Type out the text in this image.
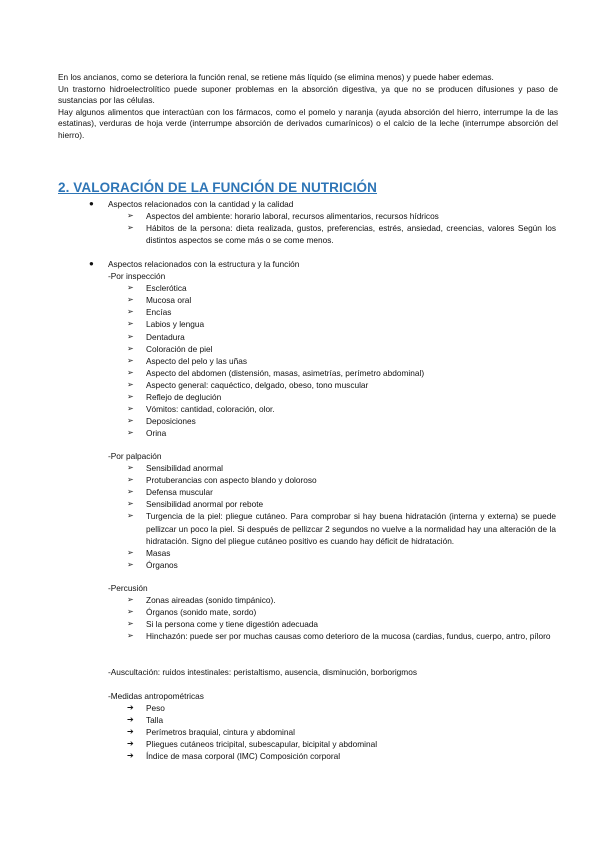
En los ancianos, como se deteriora la función renal, se retiene más líquido (se elimina menos) y puede haber edemas.

Un trastorno hidroelectrolítico puede suponer problemas en la absorción digestiva, ya que no se producen difusiones y paso de sustancias por las células.

Hay algunos alimentos que interactúan con los fármacos, como el pomelo y naranja (ayuda absorción del hierro, interrumpe la de las estatinas), verduras de hoja verde (interrumpe absorción de derivados cumarínicos) o el calcio de la leche (interrumpe absorción del hierro).

2. VALORACIÓN DE LA FUNCIÓN DE NUTRICIÓN
● Aspectos relacionados con la cantidad y la calidad
➢ Aspectos del ambiente: horario laboral, recursos alimentarios, recursos hídricos
➢ Hábitos de la persona: dieta realizada, gustos, preferencias, estrés, ansiedad, creencias, valores Según los distintos aspectos se come más o se come menos.
● Aspectos relacionados con la estructura y la función
-Por inspección
➢ Esclerótica
➢ Mucosa oral
➢ Encías
➢ Labios y lengua
➢ Dentadura
➢ Coloración de piel
➢ Aspecto del pelo y las uñas
➢ Aspecto del abdomen (distensión, masas, asimetrías, perímetro abdominal)
➢ Aspecto general: caquéctico, delgado, obeso, tono muscular
➢ Reflejo de deglución
➢ Vómitos: cantidad, coloración, olor.
➢ Deposiciones
➢ Orina
-Por palpación
➢ Sensibilidad anormal
➢ Protuberancias con aspecto blando y doloroso
➢ Defensa muscular
➢ Sensibilidad anormal por rebote
➢ Turgencia de la piel: pliegue cutáneo. Para comprobar si hay buena hidratación (interna y externa) se puede pellizcar un poco la piel. Si después de pellizcar 2 segundos no vuelve a la normalidad hay una alteración de la hidratación. Signo del pliegue cutáneo positivo es cuando hay déficit de hidratación.
➢ Masas
➢ Órganos
-Percusión
➢ Zonas aireadas (sonido timpánico).
➢ Órganos (sonido mate, sordo)
➢ Si la persona come y tiene digestión adecuada
➢ Hinchazón: puede ser por muchas causas como deterioro de la mucosa (cardias, fundus, cuerpo, antro, píloro
-Auscultación: ruidos intestinales: peristaltismo, ausencia, disminución, borborigmos
-Medidas antropométricas
➔ Peso
➔ Talla
➔ Perímetros braquial, cintura y abdominal
➔ Pliegues cutáneos tricipital, subescapular, bicipital y abdominal
➔ Índice de masa corporal (IMC) Composición corporal
